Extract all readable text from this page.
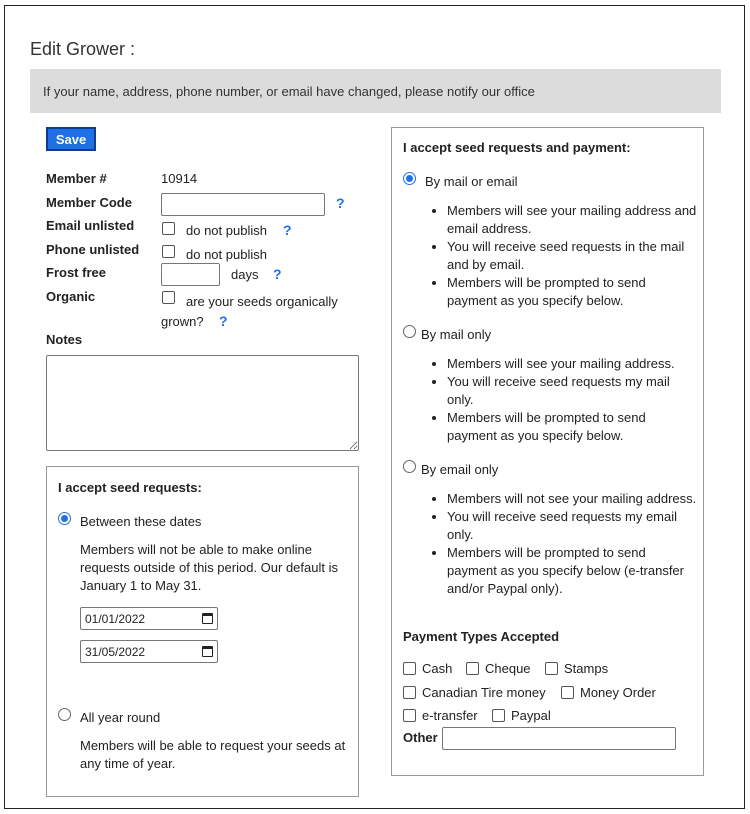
Edit Grower :
If your name, address, phone number, or email have changed, please notify our office
Save
Member #	10914
Member Code	?
Email unlisted	do not publish ?
Phone unlisted	do not publish
Frost free	days ?
Organic	are your seeds organically
grown? ?
Notes
I accept seed requests:
Between these dates
Members will not be able to make online requests outside of this period. Our default is January 1 to May 31.
01/01/2022
31/05/2022
All year round
Members will be able to request your seeds at any time of year.
I accept seed requests and payment:
By mail or email
• Members will see your mailing address and email address.
• You will receive seed requests in the mail and by email.
• Members will be prompted to send payment as you specify below.
By mail only
• Members will see your mailing address.
• You will receive seed requests my mail only.
• Members will be prompted to send payment as you specify below.
By email only
• Members will not see your mailing address.
• You will receive seed requests my email only.
• Members will be prompted to send payment as you specify below (e-transfer and/or Paypal only).
Payment Types Accepted
Cash	Cheque	Stamps
Canadian Tire money	Money Order
e-transfer	Paypal
Other
